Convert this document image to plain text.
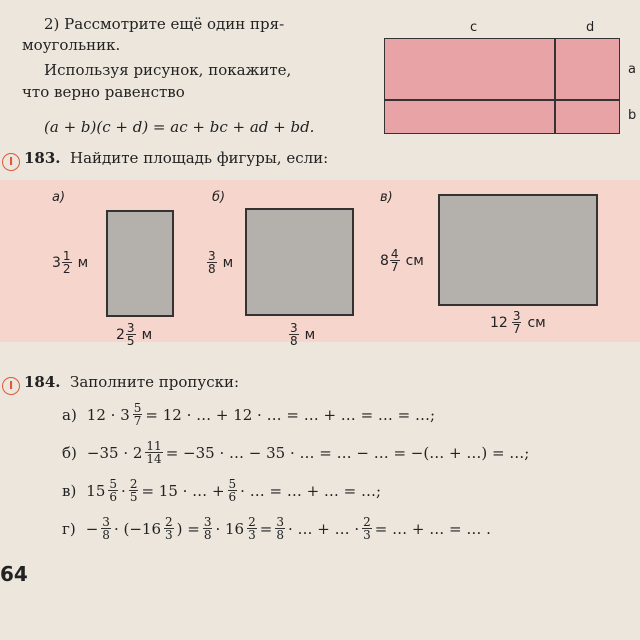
2) Рассмотрите ещё один пря-
моугольник.
Используя рисунок, покажите,
что верно равенство
(a + b)(c + d) = ac + bc + ad + bd.
c	d
a
b
I 183. Найдите площадь фигуры, если:
а)
$3 \frac{1}{2}$ м
$2 \frac{3}{5}$ м
б)
$\frac{3}{8}$ м
$\frac{3}{8}$ м
в)
$8 \frac{4}{7}$ см
$12 \frac{3}{7}$ см
I 184. Заполните пропуски:
а) $12 \cdot 3 \frac{5}{7} = 12$ · … + 12 · … = … + … = … = …;
$б) -35 \cdot 2 \frac{11}{14} = -35$ · … − 35 · … = … − … = −(… + …) = …;
в) $15 \frac{5}{6} \cdot \frac{2}{5} = 15$ · … + $\frac{5}{6}$ · … = … + … = …;
$г) - \frac{3}{8} \cdot (-16 \frac{2}{3}$ ) = $\frac{3}{8} \cdot 16 \frac{2}{3} = \frac{3}{8}$ · … + … · $\frac{2}{3}$ = … + … = … .
64
